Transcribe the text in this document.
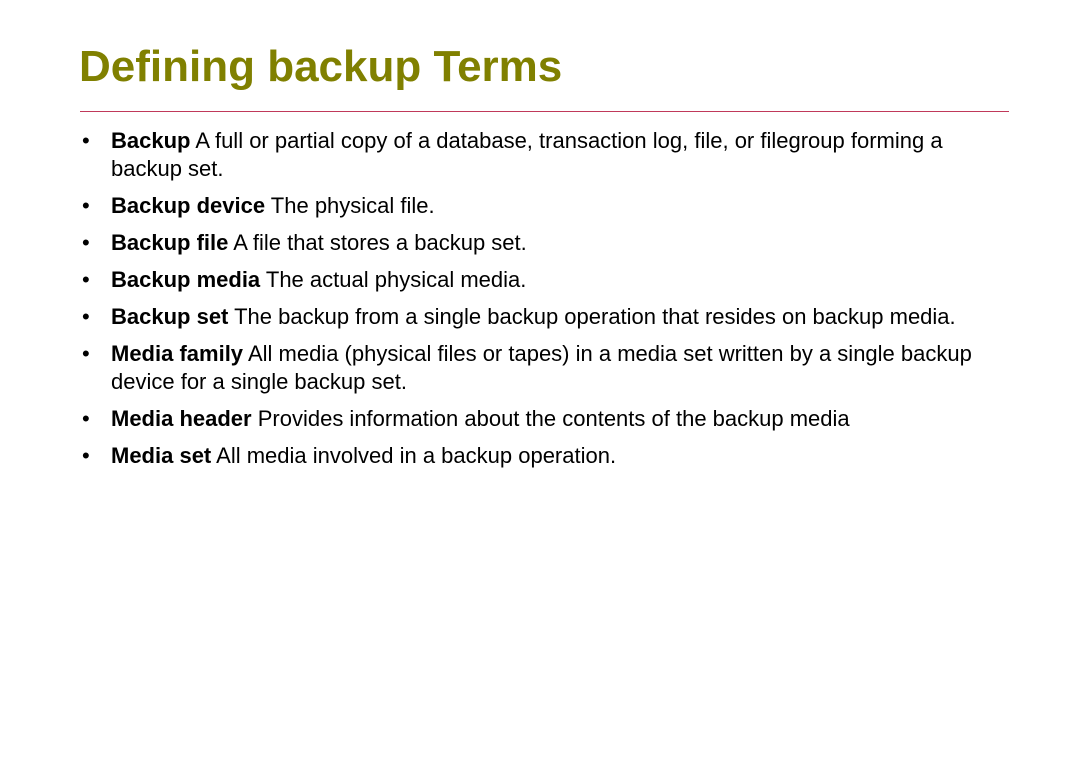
Defining backup Terms
• Backup A full or partial copy of a database, transaction log, file, or filegroup forming a backup set.
• Backup device The physical file.
• Backup file A file that stores a backup set.
• Backup media The actual physical media.
• Backup set The backup from a single backup operation that resides on backup media.
• Media family All media (physical files or tapes) in a media set written by a single backup device for a single backup set.
• Media header Provides information about the contents of the backup media
• Media set All media involved in a backup operation.
